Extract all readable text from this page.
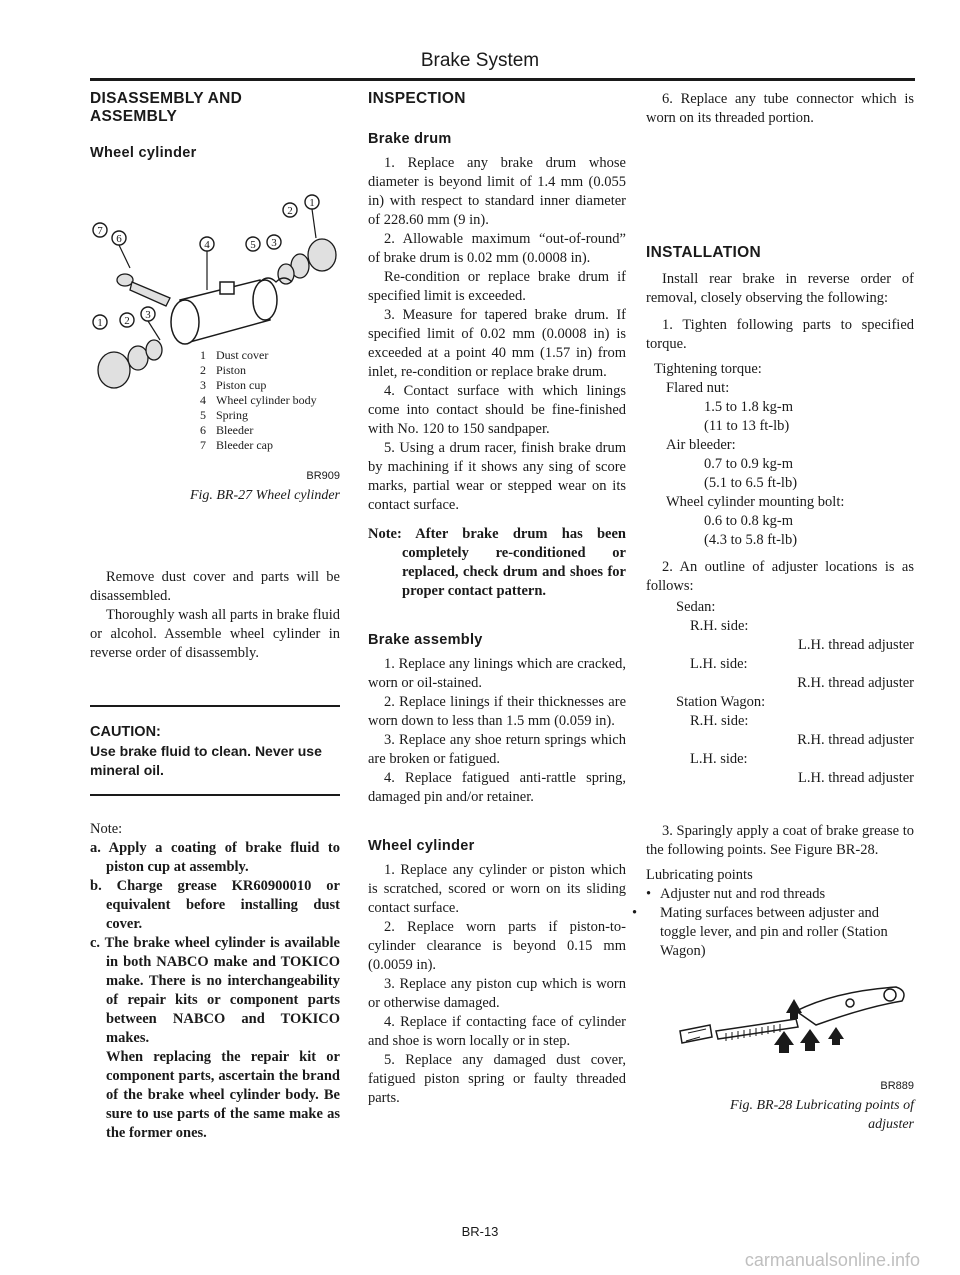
Brake System
DISASSEMBLY AND ASSEMBLY
Wheel cylinder
1
2
3
5
4
7
6
3
2
1
1 Dust cover
2 Piston
3 Piston cup
4 Wheel cylinder body
5 Spring
6 Bleeder
7 Bleeder cap
BR909
Fig. BR-27 Wheel cylinder

Remove dust cover and parts will be disassembled.

Thoroughly wash all parts in brake fluid or alcohol. Assemble wheel cylinder in reverse order of disassembly.

CAUTION:
Use brake fluid to clean. Never use mineral oil.
Note:

a. Apply a coating of brake fluid to piston cup at assembly.

b. Charge grease KR60900010 or equivalent before installing dust cover.

c. The brake wheel cylinder is available in both NABCO make and TOKICO make. There is no interchangeability of repair kits or component parts between NABCO and TOKICO makes.

When replacing the repair kit or component parts, ascertain the brand of the brake wheel cylinder body. Be sure to use parts of the same make as the former ones.

INSPECTION
Brake drum

1. Replace any brake drum whose diameter is beyond limit of 1.4 mm (0.055 in) with respect to standard inner diameter of 228.60 mm (9 in).

2. Allowable maximum “out-of-round” of brake drum is 0.02 mm (0.0008 in).

Re-condition or replace brake drum if specified limit is exceeded.

3. Measure for tapered brake drum. If specified limit of 0.02 mm (0.0008 in) is exceeded at a point 40 mm (1.57 in) from inlet, re-condition or replace brake drum.

4. Contact surface with which linings come into contact should be fine-finished with No. 120 to 150 sandpaper.

5. Using a drum racer, finish brake drum by machining if it shows any sing of score marks, partial wear or stepped wear on its contact surface.

Note: After brake drum has been completely re-conditioned or replaced, check drum and shoes for proper contact pattern.

Brake assembly

1. Replace any linings which are cracked, worn or oil-stained.

2. Replace linings if their thicknesses are worn down to less than 1.5 mm (0.059 in).

3. Replace any shoe return springs which are broken or fatigued.

4. Replace fatigued anti-rattle spring, damaged pin and/or retainer.

Wheel cylinder

1. Replace any cylinder or piston which is scratched, scored or worn on its sliding contact surface.

2. Replace worn parts if piston-to-cylinder clearance is beyond 0.15 mm (0.0059 in).

3. Replace any piston cup which is worn or otherwise damaged.

4. Replace if contacting face of cylinder and shoe is worn locally or in step.

5. Replace any damaged dust cover, fatigued piston spring or faulty threaded parts.

6. Replace any tube connector which is worn on its threaded portion.

INSTALLATION

Install rear brake in reverse order of removal, closely observing the following:

1. Tighten following parts to specified torque.

Tightening torque:
Flared nut:
1.5 to 1.8 kg-m
(11 to 13 ft-lb)
Air bleeder:
0.7 to 0.9 kg-m
(5.1 to 6.5 ft-lb)
Wheel cylinder mounting bolt:
0.6 to 0.8 kg-m
(4.3 to 5.8 ft-lb)

2. An outline of adjuster locations is as follows:

Sedan:
R.H. side:
L.H. thread adjuster
L.H. side:
R.H. thread adjuster
Station Wagon:
R.H. side:
R.H. thread adjuster
L.H. side:
L.H. thread adjuster

3. Sparingly apply a coat of brake grease to the following points. See Figure BR-28.

Lubricating points
• Adjuster nut and rod threads
• Mating surfaces between adjuster and toggle lever, and pin and roller (Station Wagon)
BR889
Fig. BR-28 Lubricating points of
adjuster
BR-13
carmanualsonline.info
